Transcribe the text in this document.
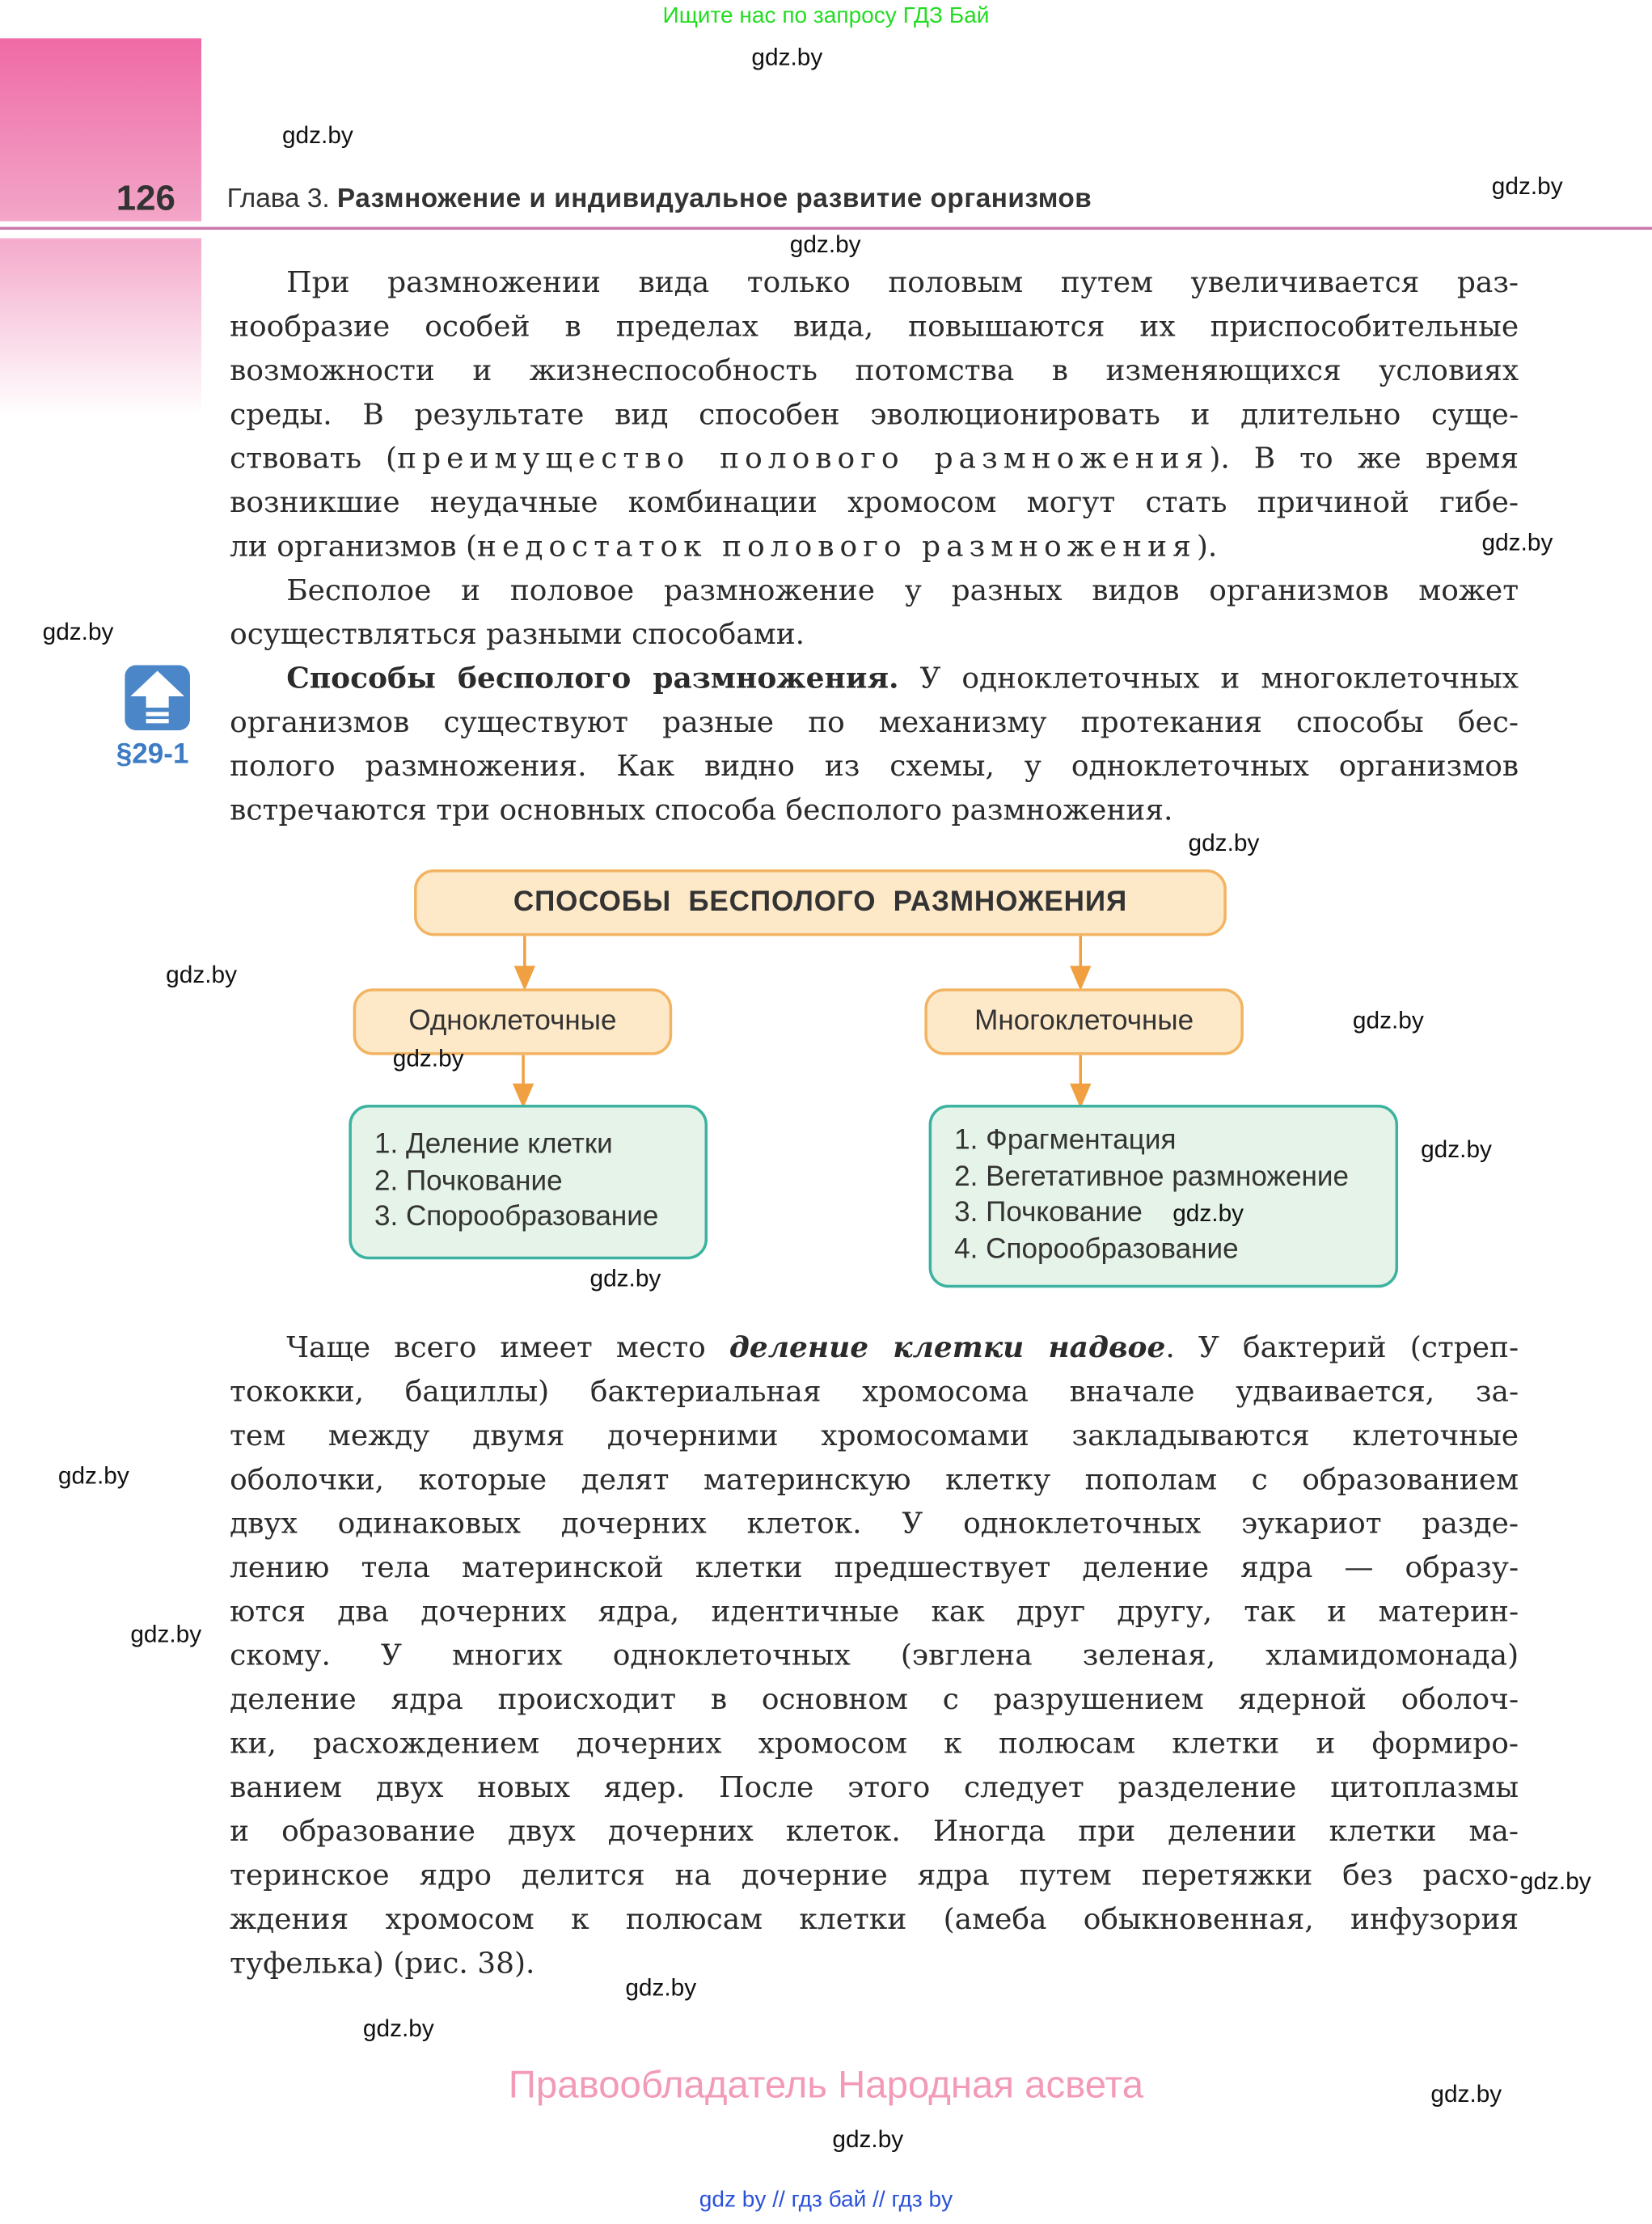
Ищите нас по запросу ГДЗ Бай
126	Глава 3. Размножение и индивидуальное развитие организмов
При размножении вида только половым путем увеличивается раз-
нообразие особей в пределах вида, повышаются их приспособительные
возможности и жизнеспособность потомства в изменяющихся условиях
среды. В результате вид способен эволюционировать и длительно суще-
ствовать (преимущество полового размножения). В то же время
возникшие неудачные комбинации хромосом могут стать причиной гибе-
ли организмов (недостаток полового размножения).
Бесполое и половое размножение у разных видов организмов может
осуществляться разными способами.
Способы бесполого размножения. У одноклеточных и многоклеточных
организмов существуют разные по механизму протекания способы бес-
полого размножения. Как видно из схемы, у одноклеточных организмов
встречаются три основных способа бесполого размножения.
§29-1
СПОСОБЫ  БЕСПОЛОГО  РАЗМНОЖЕНИЯ
Одноклеточные	Многоклеточные
1. Деление клетки
2. Почкование
3. Спорообразование
1. Фрагментация
2. Вегетативное размножение
3. Почкование
4. Спорообразование
Чаще всего имеет место деление клетки надвое. У бактерий (стреп-
тококки, бациллы) бактериальная хромосома вначале удваивается, за-
тем между двумя дочерними хромосомами закладываются клеточные
оболочки, которые делят материнскую клетку пополам с образованием
двух одинаковых дочерних клеток. У одноклеточных эукариот разде-
лению тела материнской клетки предшествует деление ядра — образу-
ются два дочерних ядра, идентичные как друг другу, так и материн-
скому. У многих одноклеточных (эвглена зеленая, хламидомонада)
деление ядра происходит в основном с разрушением ядерной оболоч-
ки, расхождением дочерних хромосом к полюсам клетки и формиро-
ванием двух новых ядер. После этого следует разделение цитоплазмы
и образование двух дочерних клеток. Иногда при делении клетки ма-
теринское ядро делится на дочерние ядра путем перетяжки без расхо-
ждения хромосом к полюсам клетки (амеба обыкновенная, инфузория
туфелька) (рис. 38).
Правообладатель Народная асвета
gdz by // гдз бай // гдз by
gdz.by
gdz.by
gdz.by
gdz.by
gdz.by
gdz.by
gdz.by
gdz.by
gdz.by
gdz.by
gdz.by
gdz.by
gdz.by
gdz.by
gdz.by
gdz.by
gdz.by
gdz.by
gdz.by
gdz.by
